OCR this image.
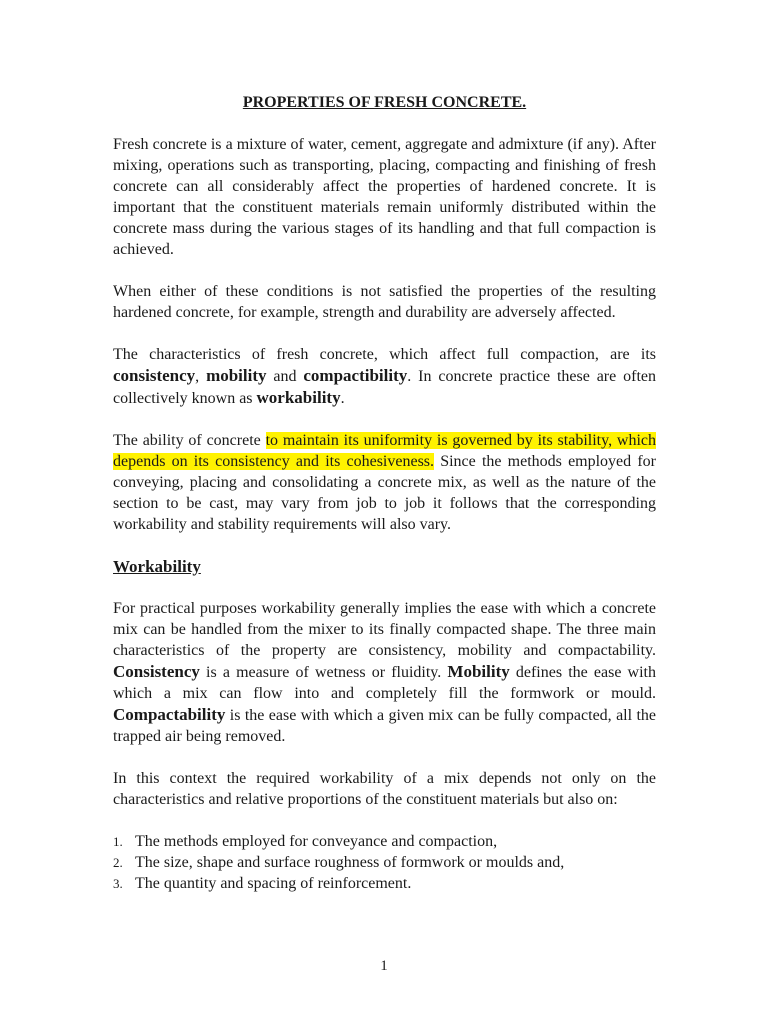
PROPERTIES OF FRESH CONCRETE.

Fresh concrete is a mixture of water, cement, aggregate and admixture (if any). After mixing, operations such as transporting, placing, compacting and finishing of fresh concrete can all considerably affect the properties of hardened concrete. It is important that the constituent materials remain uniformly distributed within the concrete mass during the various stages of its handling and that full compaction is achieved.

When either of these conditions is not satisfied the properties of the resulting hardened concrete, for example, strength and durability are adversely affected.

The characteristics of fresh concrete, which affect full compaction, are its consistency, mobility and compactibility. In concrete practice these are often collectively known as workability.

The ability of concrete to maintain its uniformity is governed by its stability, which depends on its consistency and its cohesiveness. Since the methods employed for conveying, placing and consolidating a concrete mix, as well as the nature of the section to be cast, may vary from job to job it follows that the corresponding workability and stability requirements will also vary.

Workability

For practical purposes workability generally implies the ease with which a concrete mix can be handled from the mixer to its finally compacted shape. The three main characteristics of the property are consistency, mobility and compactability. Consistency is a measure of wetness or fluidity. Mobility defines the ease with which a mix can flow into and completely fill the formwork or mould. Compactability is the ease with which a given mix can be fully compacted, all the trapped air being removed.

In this context the required workability of a mix depends not only on the characteristics and relative proportions of the constituent materials but also on:

1. The methods employed for conveyance and compaction,
2. The size, shape and surface roughness of formwork or moulds and,
3. The quantity and spacing of reinforcement.
1
